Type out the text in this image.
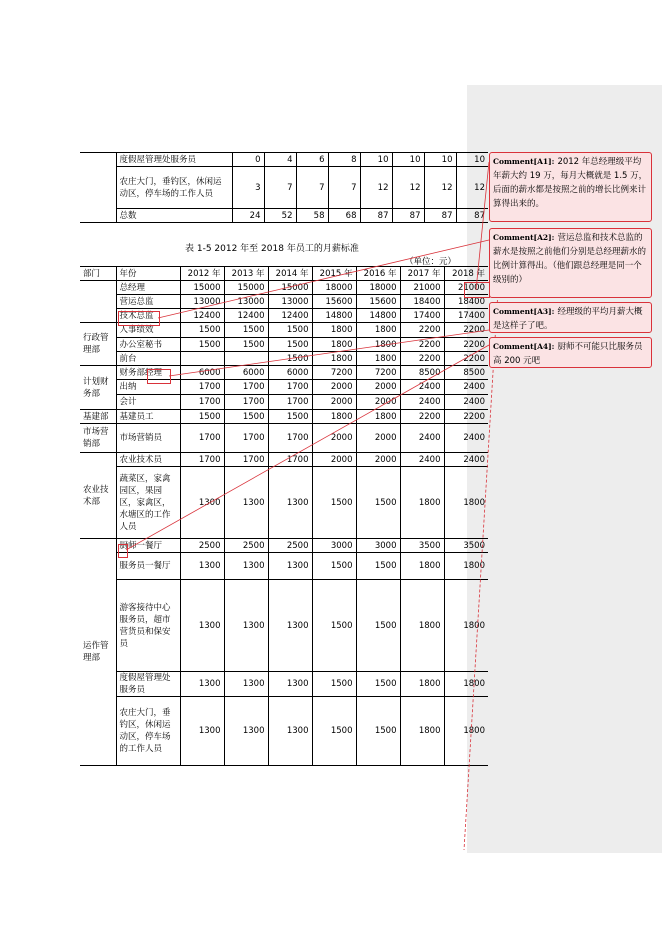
	度假屋管理处服务员	0	4	6	8	10	10	10	10
	农庄大门，垂钓区，休闲运动区，停车场的工作人员	3	7	7	7	12	12	12	12
	总数	24	52	58	68	87	87	87	87
表 1-5 2012 年至 2018 年员工的月薪标准
（单位：元）
部门	年份	2012 年	2013 年	2014 年	2015 年	2016 年	2017 年	2018 年
	总经理	15000	15000	15000	18000	18000	21000	21000
	营运总监	13000	13000	13000	15600	15600	18400	18400
	技术总监	12400	12400	12400	14800	14800	17400	17400
行政管理部	人事绩效	1500	1500	1500	1800	1800	2200	2200
	办公室秘书	1500	1500	1500	1800	1800	2200	2200
	前台			1500	1800	1800	2200	2200
计划财务部	财务部经理	6000	6000	6000	7200	7200	8500	8500
	出纳	1700	1700	1700	2000	2000	2400	2400
	会计	1700	1700	1700	2000	2000	2400	2400
基建部	基建员工	1500	1500	1500	1800	1800	2200	2200
市场营销部	市场营销员	1700	1700	1700	2000	2000	2400	2400
农业技术部	农业技术员	1700	1700	1700	2000	2000	2400	2400
	蔬菜区，家禽园区，果园区，家禽区，水塘区的工作人员	1300	1300	1300	1500	1500	1800	1800
运作管理部	厨师一餐厅	2500	2500	2500	3000	3000	3500	3500
	服务员一餐厅	1300	1300	1300	1500	1500	1800	1800
	游客接待中心服务员，超市营货员和保安员	1300	1300	1300	1500	1500	1800	1800
	度假屋管理处服务员	1300	1300	1300	1500	1500	1800	1800
	农庄大门，垂钓区，休闲运动区，停车场的工作人员	1300	1300	1300	1500	1500	1800	1800
Comment[A1]: 2012 年总经理级平均年薪大约 19 万，每月大概就是 1.5 万，后面的薪水都是按照之前的增长比例来计算得出来的。
Comment[A2]: 营运总监和技术总监的薪水是按照之前他们分别是总经理薪水的比例计算得出。（他们跟总经理是同一个级别的）
Comment[A3]: 经理级的平均月薪大概是这样子了吧。
Comment[A4]: 厨师不可能只比服务员高 200 元吧
